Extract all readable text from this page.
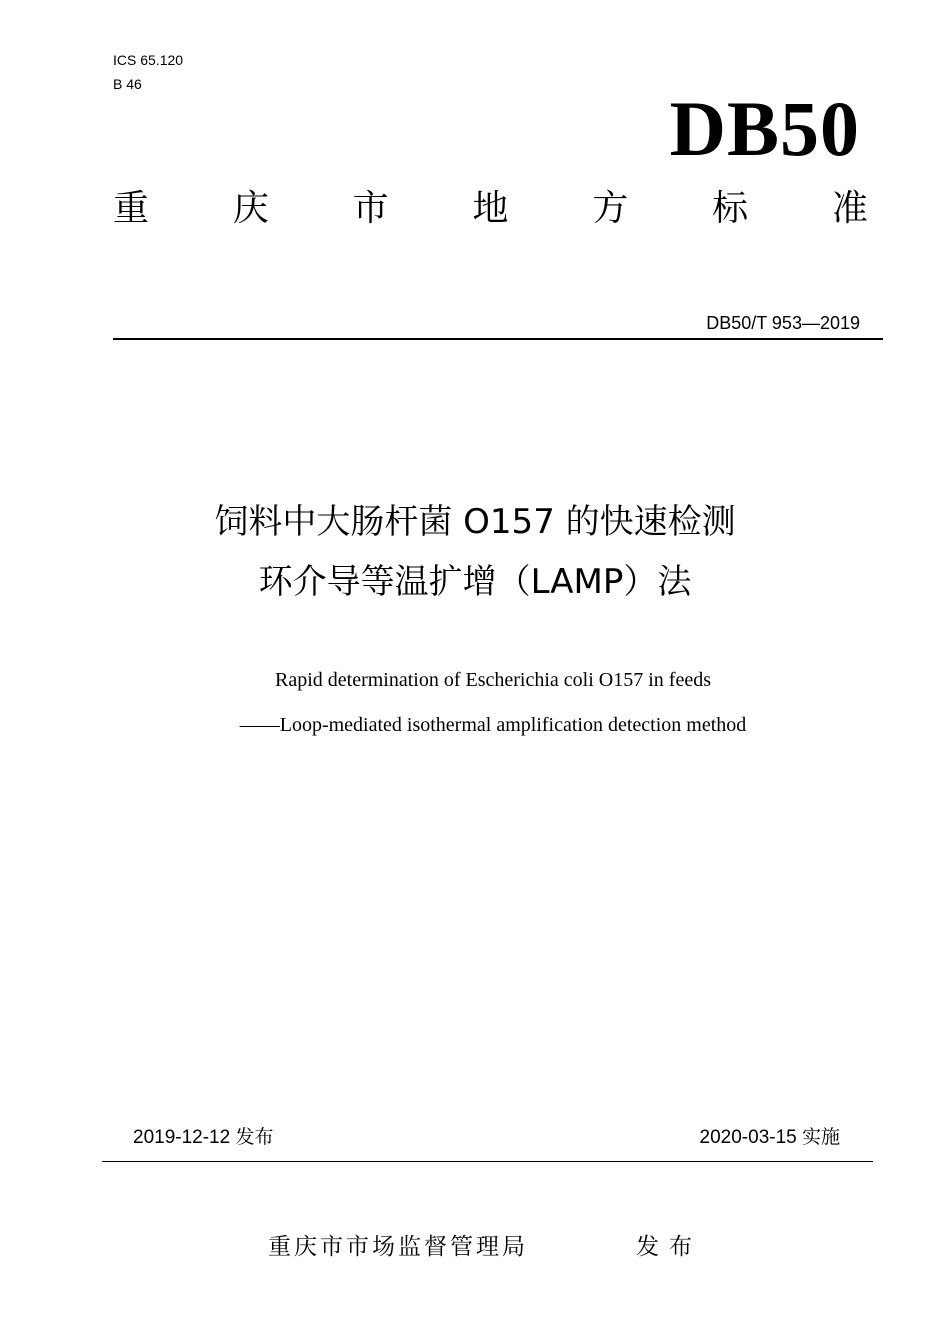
ICS 65.120
B 46
DB50
重 庆 市 地 方 标 准
DB50/T 953—2019
饲料中大肠杆菌 O157 的快速检测
环介导等温扩增（LAMP）法
Rapid determination of Escherichia coli O157 in feeds
——Loop-mediated isothermal amplification detection method
2019-12-12 发布	2020-03-15 实施
重庆市市场监督管理局	发布
